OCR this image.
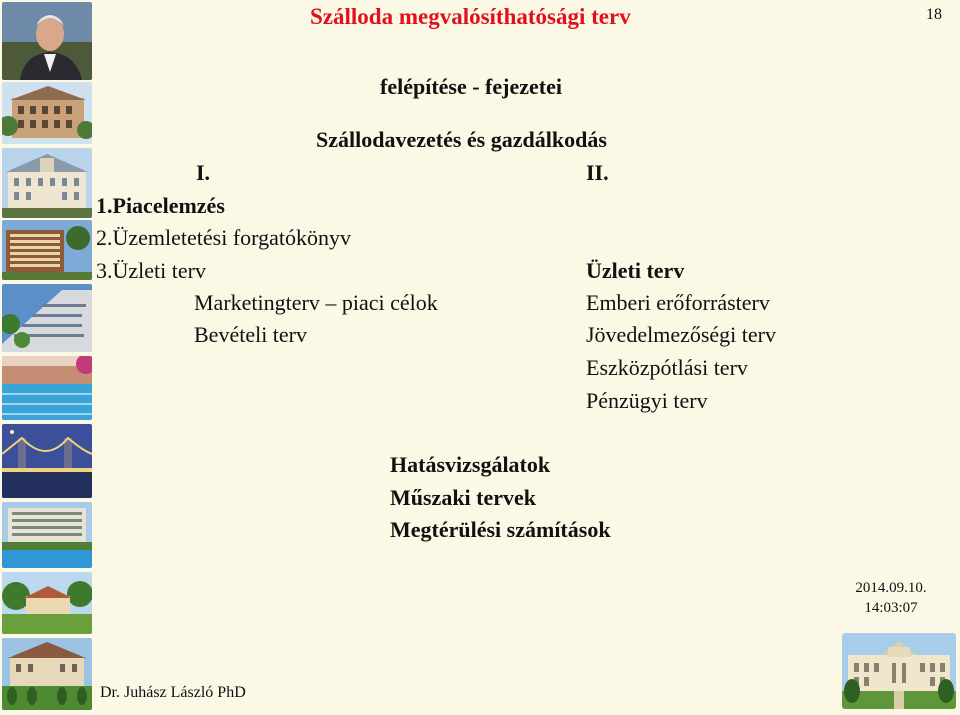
Szálloda megvalósíthatósági terv	18
felépítése - fejezetei
Szállodavezetés és gazdálkodás
I.	II.
1.Piacelemzés
2.Üzemletetési forgatókönyv
3.Üzleti terv
Marketingterv – piaci célok
Bevételi terv
Üzleti terv
Emberi erőforrásterv
Jövedelmezőségi terv
Eszközpótlási terv
Pénzügyi terv
Hatásvizsgálatok
Műszaki tervek
Megtérülési számítások
2014.09.10.
14:03:07
Dr. Juhász László PhD
